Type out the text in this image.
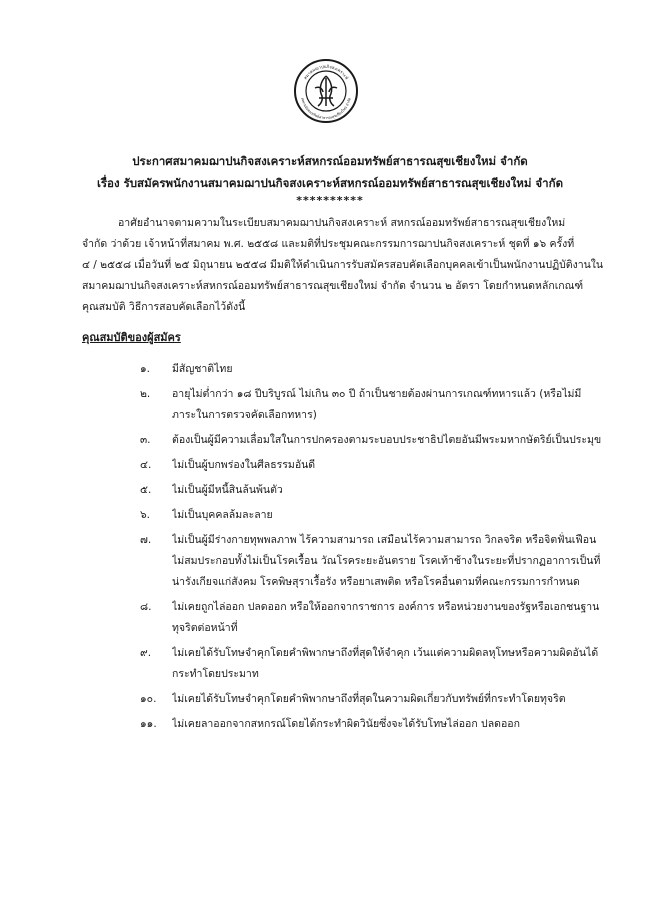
สมาคมฌาปนกิจสงเคราะห์
สหกรณ์ออมทรัพย์สาธารณสุขเชียงใหม่ จำกัด
ประกาศสมาคมฌาปนกิจสงเคราะห์สหกรณ์ออมทรัพย์สาธารณสุขเชียงใหม่ จำกัด
เรื่อง รับสมัครพนักงานสมาคมฌาปนกิจสงเคราะห์สหกรณ์ออมทรัพย์สาธารณสุขเชียงใหม่ จำกัด
**********

อาศัยอำนาจตามความในระเบียบสมาคมฌาปนกิจสงเคราะห์ สหกรณ์ออมทรัพย์สาธารณสุขเชียงใหม่
จำกัด ว่าด้วย เจ้าหน้าที่สมาคม พ.ศ. ๒๕๕๘ และมติที่ประชุมคณะกรรมการฌาปนกิจสงเคราะห์ ชุดที่ ๑๖ ครั้งที่
๔ / ๒๕๕๘ เมื่อวันที่ ๒๕ มิถุนายน ๒๕๕๘ มีมติให้ดำเนินการรับสมัครสอบคัดเลือกบุคคลเข้าเป็นพนักงานปฏิบัติงานใน
สมาคมฌาปนกิจสงเคราะห์สหกรณ์ออมทรัพย์สาธารณสุขเชียงใหม่ จำกัด จำนวน ๒ อัตรา โดยกำหนดหลักเกณฑ์
คุณสมบัติ วิธีการสอบคัดเลือกไว้ดังนี้

คุณสมบัติของผู้สมัคร
๑. มีสัญชาติไทย
๒. อายุไม่ต่ำกว่า ๑๘ ปีบริบูรณ์ ไม่เกิน ๓๐ ปี ถ้าเป็นชายต้องผ่านการเกณฑ์ทหารแล้ว (หรือไม่มี
ภาระในการตรวจคัดเลือกทหาร)
๓. ต้องเป็นผู้มีความเลื่อมใสในการปกครองตามระบอบประชาธิปไตยอันมีพระมหากษัตริย์เป็นประมุข
๔. ไม่เป็นผู้บกพร่องในศีลธรรมอันดี
๕. ไม่เป็นผู้มีหนี้สินล้นพ้นตัว
๖. ไม่เป็นบุคคลล้มละลาย
๗. ไม่เป็นผู้มีร่างกายทุพพลภาพ ไร้ความสามารถ เสมือนไร้ความสามารถ วิกลจริต หรือจิตฟั่นเฟือน
ไม่สมประกอบทั้งไม่เป็นโรคเรื้อน วัณโรคระยะอันตราย โรคเท้าช้างในระยะที่ปรากฏอาการเป็นที่
น่ารังเกียจแก่สังคม โรคพิษสุราเรื้อรัง หรือยาเสพติด หรือโรคอื่นตามที่คณะกรรมการกำหนด
๘. ไม่เคยถูกไล่ออก ปลดออก หรือให้ออกจากราชการ องค์การ หรือหน่วยงานของรัฐหรือเอกชนฐาน
ทุจริตต่อหน้าที่
๙. ไม่เคยได้รับโทษจำคุกโดยคำพิพากษาถึงที่สุดให้จำคุก เว้นแต่ความผิดลหุโทษหรือความผิดอันได้
กระทำโดยประมาท
๑๐. ไม่เคยได้รับโทษจำคุกโดยคำพิพากษาถึงที่สุดในความผิดเกี่ยวกับทรัพย์ที่กระทำโดยทุจริต
๑๑. ไม่เคยลาออกจากสหกรณ์โดยได้กระทำผิดวินัยซึ่งจะได้รับโทษไล่ออก ปลดออก
